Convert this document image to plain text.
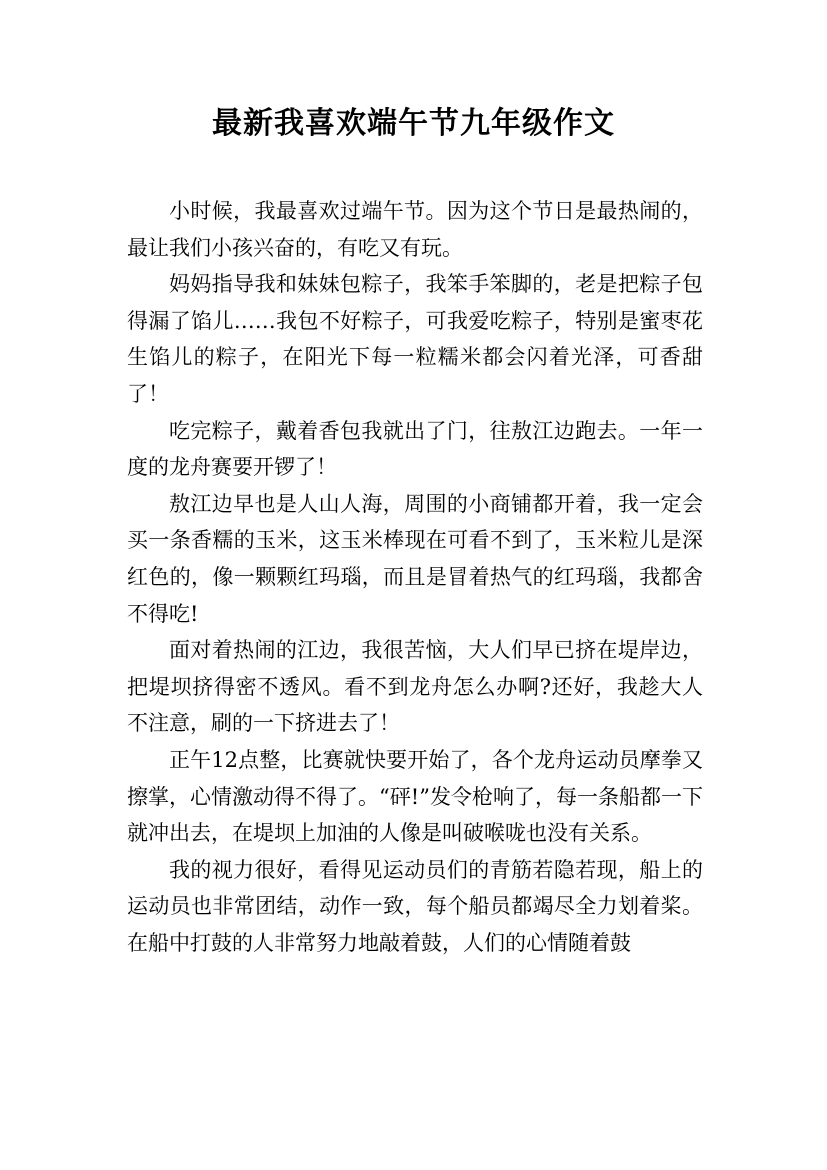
最新我喜欢端午节九年级作文

小时候，我最喜欢过端午节。因为这个节日是最热闹的，最让我们小孩兴奋的，有吃又有玩。

妈妈指导我和妹妹包粽子，我笨手笨脚的，老是把粽子包得漏了馅儿……我包不好粽子，可我爱吃粽子，特别是蜜枣花生馅儿的粽子，在阳光下每一粒糯米都会闪着光泽，可香甜了！

吃完粽子，戴着香包我就出了门，往敖江边跑去。一年一度的龙舟赛要开锣了！

敖江边早也是人山人海，周围的小商铺都开着，我一定会买一条香糯的玉米，这玉米棒现在可看不到了，玉米粒儿是深红色的，像一颗颗红玛瑙，而且是冒着热气的红玛瑙，我都舍不得吃!

面对着热闹的江边，我很苦恼，大人们早已挤在堤岸边，把堤坝挤得密不透风。看不到龙舟怎么办啊?还好，我趁大人不注意，刷的一下挤进去了！

正午12点整，比赛就快要开始了，各个龙舟运动员摩拳又擦掌，心情激动得不得了。“砰!”发令枪响了，每一条船都一下就冲出去，在堤坝上加油的人像是叫破喉咙也没有关系。

我的视力很好，看得见运动员们的青筋若隐若现，船上的运动员也非常团结，动作一致，每个船员都竭尽全力划着桨。在船中打鼓的人非常努力地敲着鼓，人们的心情随着鼓
